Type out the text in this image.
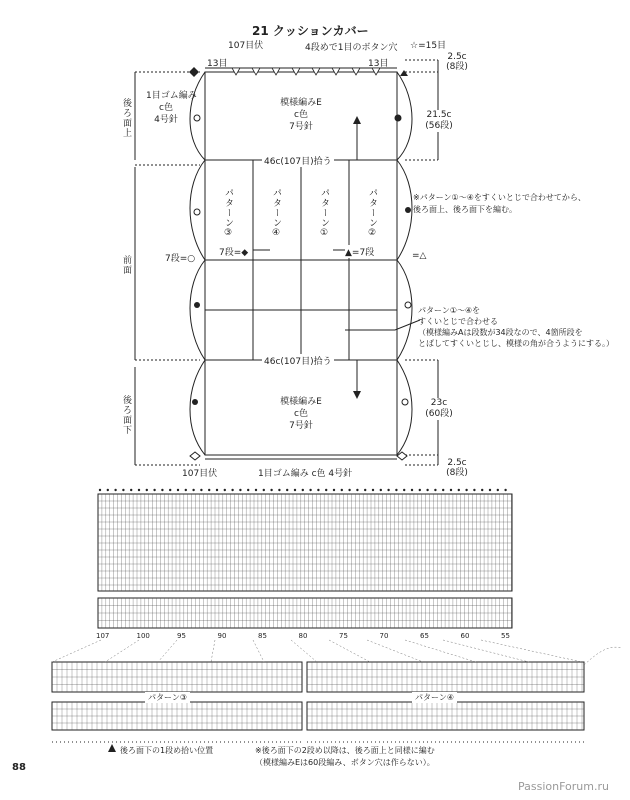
21 クッションカバー
☆=15目
107目伏	4段めで1目のボタン穴
13目	13目
1目ゴム編み
c色
4号針
2.5c
(8段)
21.5c
(56段)
23c
(60段)
2.5c
(8段)
後ろ面上
前面
後ろ面下
模様編みE
c色
7号針
46c(107目)拾う
パターン③	パターン④	パターン①	パターン②
7段=○
7段=◆	▲=7段	=△
※パターン①〜④をすくいとじで合わせてから、
後ろ面上、後ろ面下を編む。
パターン①〜④を
すくいとじで合わせる
（模様編みAは段数が34段なので、4箇所段を
とばしてすくいとじし、模様の角が合うようにする。）
46c(107目)拾う
模様編みE
c色
7号針
107目伏	1目ゴム編み c色 4号針
107	100	95	90	85	80	75	70	65	60	55
パターン③	パターン④
後ろ面下の1段め拾い位置	※後ろ面下の2段め以降は、後ろ面上と同様に編む
（模様編みEは60段編み、ボタン穴は作らない）。
88
PassionForum.ru
